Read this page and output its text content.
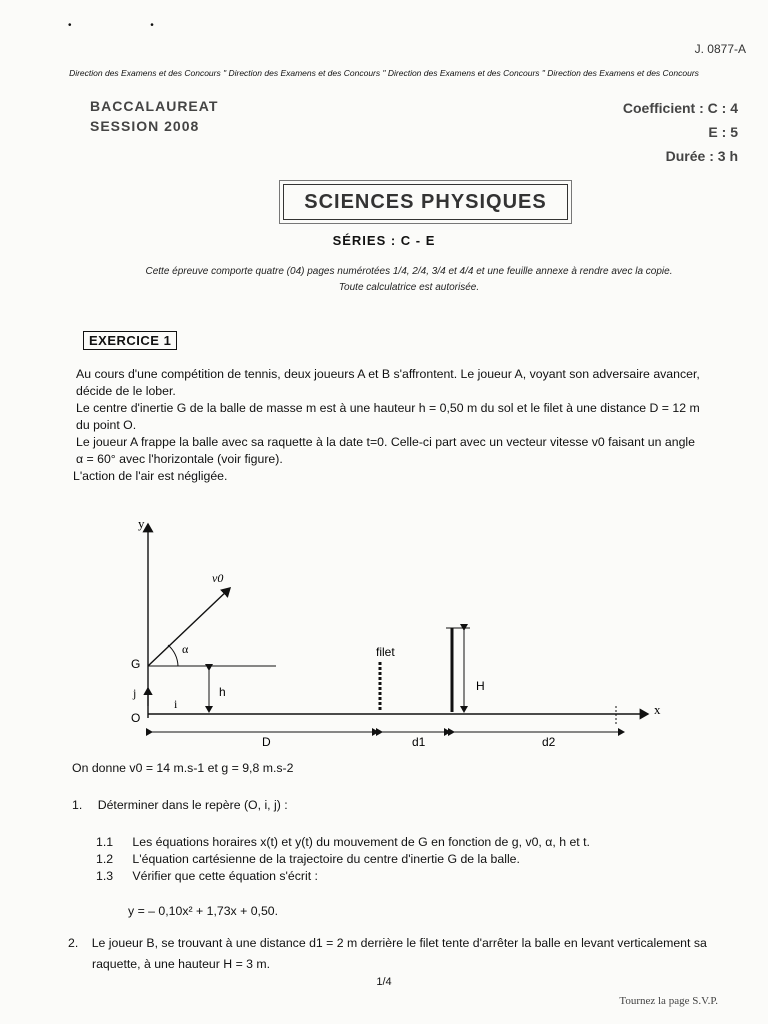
• •
J. 0877-A
Direction des Examens et des Concours " Direction des Examens et des Concours " Direction des Examens et des Concours " Direction des Examens et des Concours
BACCALAUREAT
SESSION 2008
Coefficient : C : 4
E : 5
Durée : 3 h
SCIENCES PHYSIQUES
SÉRIES : C - E
Cette épreuve comporte quatre (04) pages numérotées 1/4, 2/4, 3/4 et 4/4 et une feuille annexe à rendre avec la copie.
Toute calculatrice est autorisée.
EXERCICE 1
Au cours d'une compétition de tennis, deux joueurs A et B s'affrontent. Le joueur A, voyant son adversaire avancer,
décide de le lober.
Le centre d'inertie G de la balle de masse m est à une hauteur h = 0,50 m du sol et le filet à une distance D = 12 m
du point O.
Le joueur A frappe la balle avec sa raquette à la date t=0. Celle-ci part avec un vecteur vitesse v0 faisant un angle
α = 60° avec l'horizontale (voir figure).
L'action de l'air est négligée.
y
x
G
O
v0
α
j
i
h
filet
H
D	d1	d2
On donne v0 = 14 m.s-1 et g = 9,8 m.s-2
1. Déterminer dans le repère (O, i, j) :
1.1 Les équations horaires x(t) et y(t) du mouvement de G en fonction de g, v0, α, h et t.
1.2 L'équation cartésienne de la trajectoire du centre d'inertie G de la balle.
1.3 Vérifier que cette équation s'écrit :
y = – 0,10x² + 1,73x + 0,50.
2. Le joueur B, se trouvant à une distance d1 = 2 m derrière le filet tente d'arrêter la balle en levant verticalement sa
raquette, à une hauteur H = 3 m.
1/4
Tournez la page S.V.P.
